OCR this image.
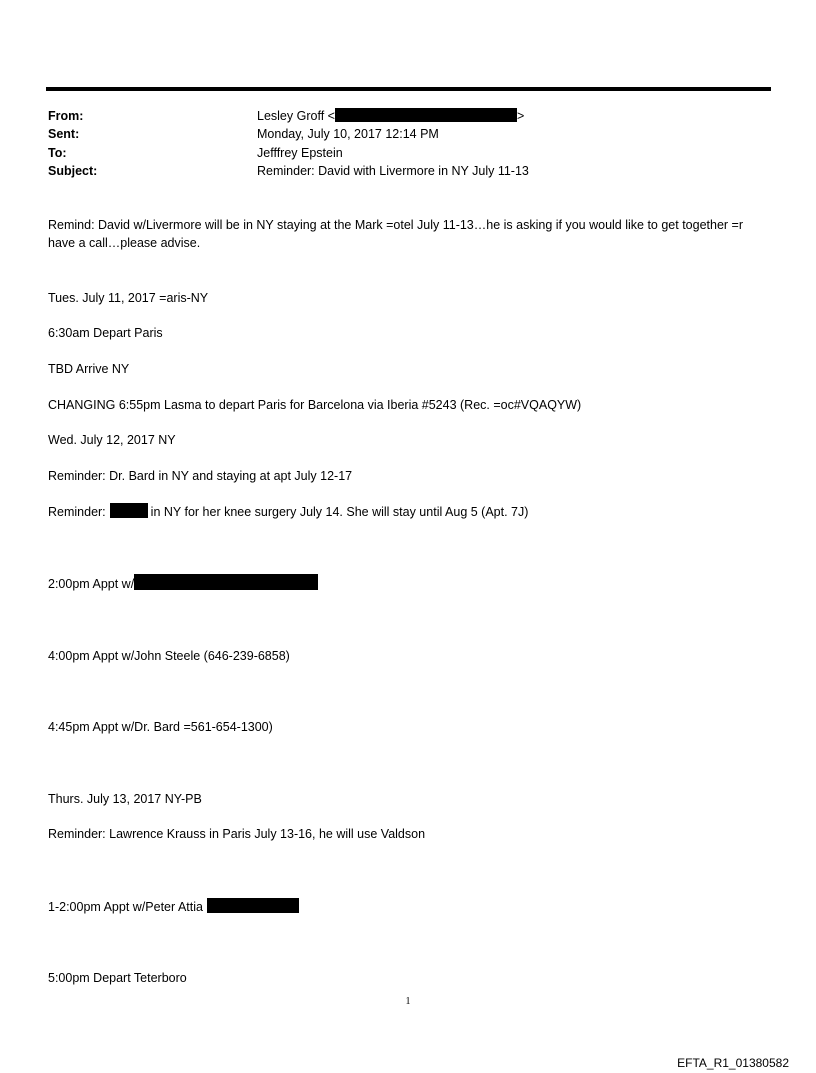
From:	Lesley Groff <	>
Sent:	Monday, July 10, 2017 12:14 PM
To:	Jefffrey Epstein
Subject:	Reminder: David with Livermore in NY July 11-13
Remind: David w/Livermore will be in NY staying at the Mark =otel July 11-13…he is asking if you would like to get together =r have a call…please advise.
Tues. July 11, 2017 =aris-NY
6:30am Depart Paris
TBD Arrive NY
CHANGING 6:55pm Lasma to depart Paris for Barcelona via Iberia #5243 (Rec. =oc#VQAQYW)
Wed. July 12, 2017 NY
Reminder: Dr. Bard in NY and staying at apt July 12-17
Reminder:	in NY for her knee surgery July 14. She will stay until Aug 5 (Apt. 7J)
2:00pm Appt w/
4:00pm Appt w/John Steele (646-239-6858)
4:45pm Appt w/Dr. Bard =561-654-1300)
Thurs. July 13, 2017 NY-PB
Reminder: Lawrence Krauss in Paris July 13-16, he will use Valdson
1-2:00pm Appt w/Peter Attia
5:00pm Depart Teterboro
1
EFTA_R1_01380582
